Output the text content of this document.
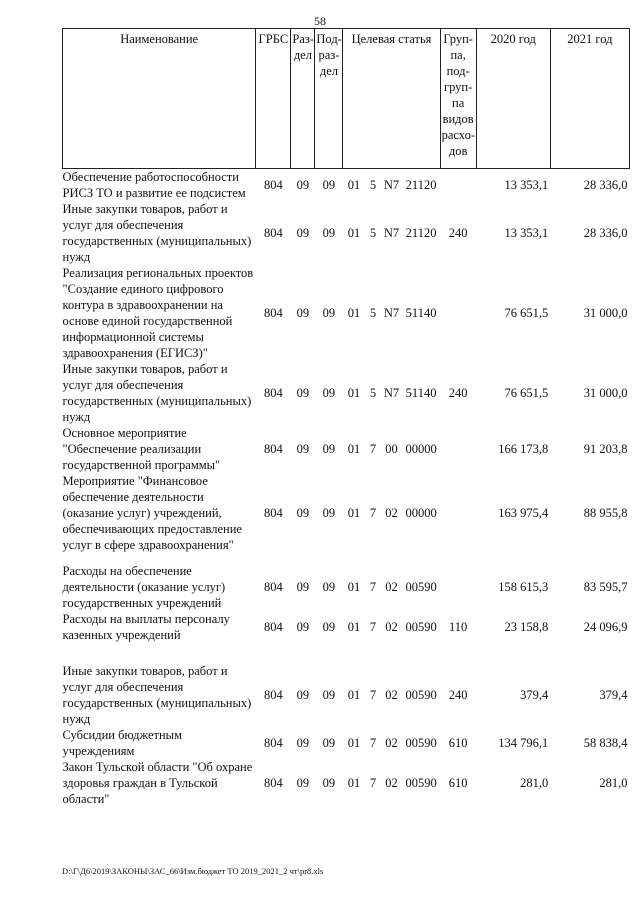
58
Наименование	ГРБС	Раз-дел	Под-раз-дел	Целевая статья				Груп-па, под-груп-па видов расхо-дов	2020 год	2021 год
Обеспечение работоспособности РИСЗ ТО и развитие ее подсистем	804	09	09	01	5	N7	21120		13 353,1	28 336,0
Иные закупки товаров, работ и услуг для обеспечения государственных (муниципальных) нужд	804	09	09	01	5	N7	21120	240	13 353,1	28 336,0
Реализация региональных проектов "Создание единого цифрового контура в здравоохранении на основе единой государственной информационной системы здравоохранения (ЕГИСЗ)"	804	09	09	01	5	N7	51140		76 651,5	31 000,0
Иные закупки товаров, работ и услуг для обеспечения государственных (муниципальных) нужд	804	09	09	01	5	N7	51140	240	76 651,5	31 000,0
Основное мероприятие "Обеспечение реализации государственной программы"	804	09	09	01	7	00	00000		166 173,8	91 203,8
Мероприятие "Финансовое обеспечение деятельности (оказание услуг) учреждений, обеспечивающих предоставление услуг в сфере здравоохранения"	804	09	09	01	7	02	00000		163 975,4	88 955,8

Расходы на обеспечение деятельности (оказание услуг) государственных учреждений	804	09	09	01	7	02	00590		158 615,3	83 595,7
Расходы на выплаты персоналу казенных учреждений	804	09	09	01	7	02	00590	110	23 158,8	24 096,9

Иные закупки товаров, работ и услуг для обеспечения государственных (муниципальных) нужд	804	09	09	01	7	02	00590	240	379,4	379,4
Субсидии бюджетным учреждениям	804	09	09	01	7	02	00590	610	134 796,1	58 838,4
Закон Тульской области "Об охране здоровья граждан в Тульской области"	804	09	09	01	7	02	00590	610	281,0	281,0
D:\Г\Д6\2019\ЗАКОНЫ\ЗАС_66\Изм.бюджет ТО 2019_2021_2 чт\pr8.xls
